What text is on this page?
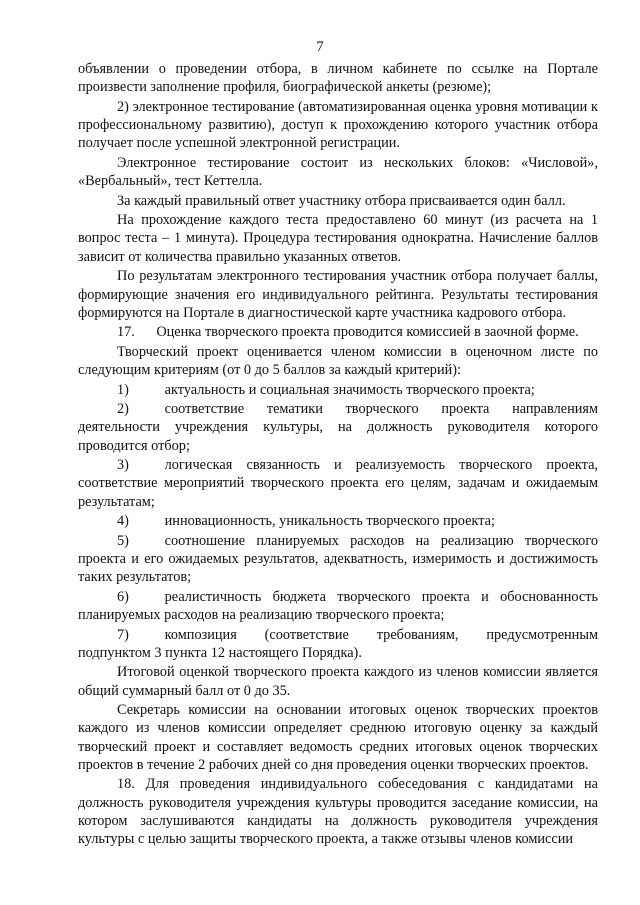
7

объявлении о проведении отбора, в личном кабинете по ссылке на Портале произвести заполнение профиля, биографической анкеты (резюме);

2) электронное тестирование (автоматизированная оценка уровня мотивации к профессиональному развитию), доступ к прохождению которого участник отбора получает после успешной электронной регистрации.

Электронное тестирование состоит из нескольких блоков: «Числовой», «Вербальный», тест Кеттелла.

За каждый правильный ответ участнику отбора присваивается один балл.

На прохождение каждого теста предоставлено 60 минут (из расчета на 1 вопрос теста – 1 минута). Процедура тестирования однократна. Начисление баллов зависит от количества правильно указанных ответов.

По результатам электронного тестирования участник отбора получает баллы, формирующие значения его индивидуального рейтинга. Результаты тестирования формируются на Портале в диагностической карте участника кадрового отбора.

17.  Оценка творческого проекта проводится комиссией в заочной форме.

Творческий проект оценивается членом комиссии в оценочном листе по следующим критериям (от 0 до 5 баллов за каждый критерий):

1)   актуальность и социальная значимость творческого проекта;

2)   соответствие тематики творческого проекта направлениям деятельности учреждения культуры, на должность руководителя которого проводится отбор;

3)   логическая связанность и реализуемость творческого проекта, соответствие мероприятий творческого проекта его целям, задачам и ожидаемым результатам;

4)   инновационность, уникальность творческого проекта;

5)   соотношение планируемых расходов на реализацию творческого проекта и его ожидаемых результатов, адекватность, измеримость и достижимость таких результатов;

6)   реалистичность бюджета творческого проекта и обоснованность планируемых расходов на реализацию творческого проекта;

7)   композиция (соответствие требованиям, предусмотренным подпунктом 3 пункта 12 настоящего Порядка).

Итоговой оценкой творческого проекта каждого из членов комиссии является общий суммарный балл от 0 до 35.

Секретарь комиссии на основании итоговых оценок творческих проектов каждого из членов комиссии определяет среднюю итоговую оценку за каждый творческий проект и составляет ведомость средних итоговых оценок творческих проектов в течение 2 рабочих дней со дня проведения оценки творческих проектов.

18. Для проведения индивидуального собеседования с кандидатами на должность руководителя учреждения культуры проводится заседание комиссии, на котором заслушиваются кандидаты на должность руководителя учреждения культуры с целью защиты творческого проекта, а также отзывы членов комиссии
